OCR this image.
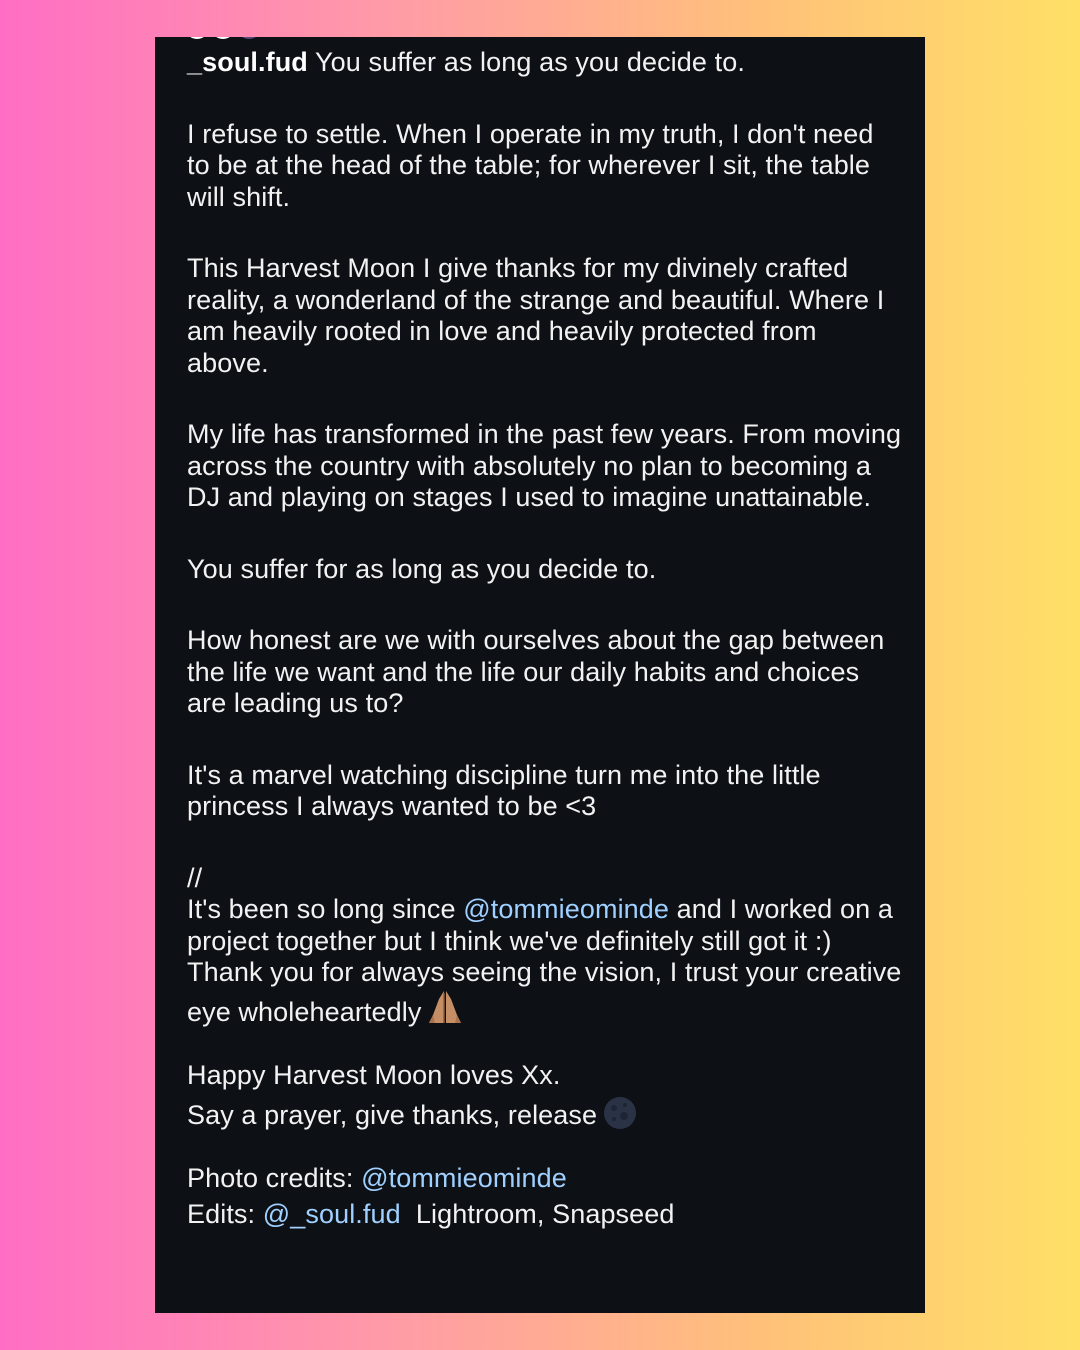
_soul.fud You suffer as long as you decide to.

I refuse to settle. When I operate in my truth, I don't need to be at the head of the table; for wherever I sit, the table will shift.

This Harvest Moon I give thanks for my divinely crafted reality, a wonderland of the strange and beautiful. Where I am heavily rooted in love and heavily protected from above.

My life has transformed in the past few years. From moving across the country with absolutely no plan to becoming a DJ and playing on stages I used to imagine unattainable.

You suffer for as long as you decide to.

How honest are we with ourselves about the gap between the life we want and the life our daily habits and choices are leading us to?

It's a marvel watching discipline turn me into the little princess I always wanted to be <3

//

It's been so long since @tommieominde and I worked on a project together but I think we've definitely still got it :)

Thank you for always seeing the vision, I trust your creative eye wholeheartedly

Happy Harvest Moon loves Xx.

Say a prayer, give thanks, release

Photo credits: @tommieominde

Edits: @_soul.fud  Lightroom, Snapseed
